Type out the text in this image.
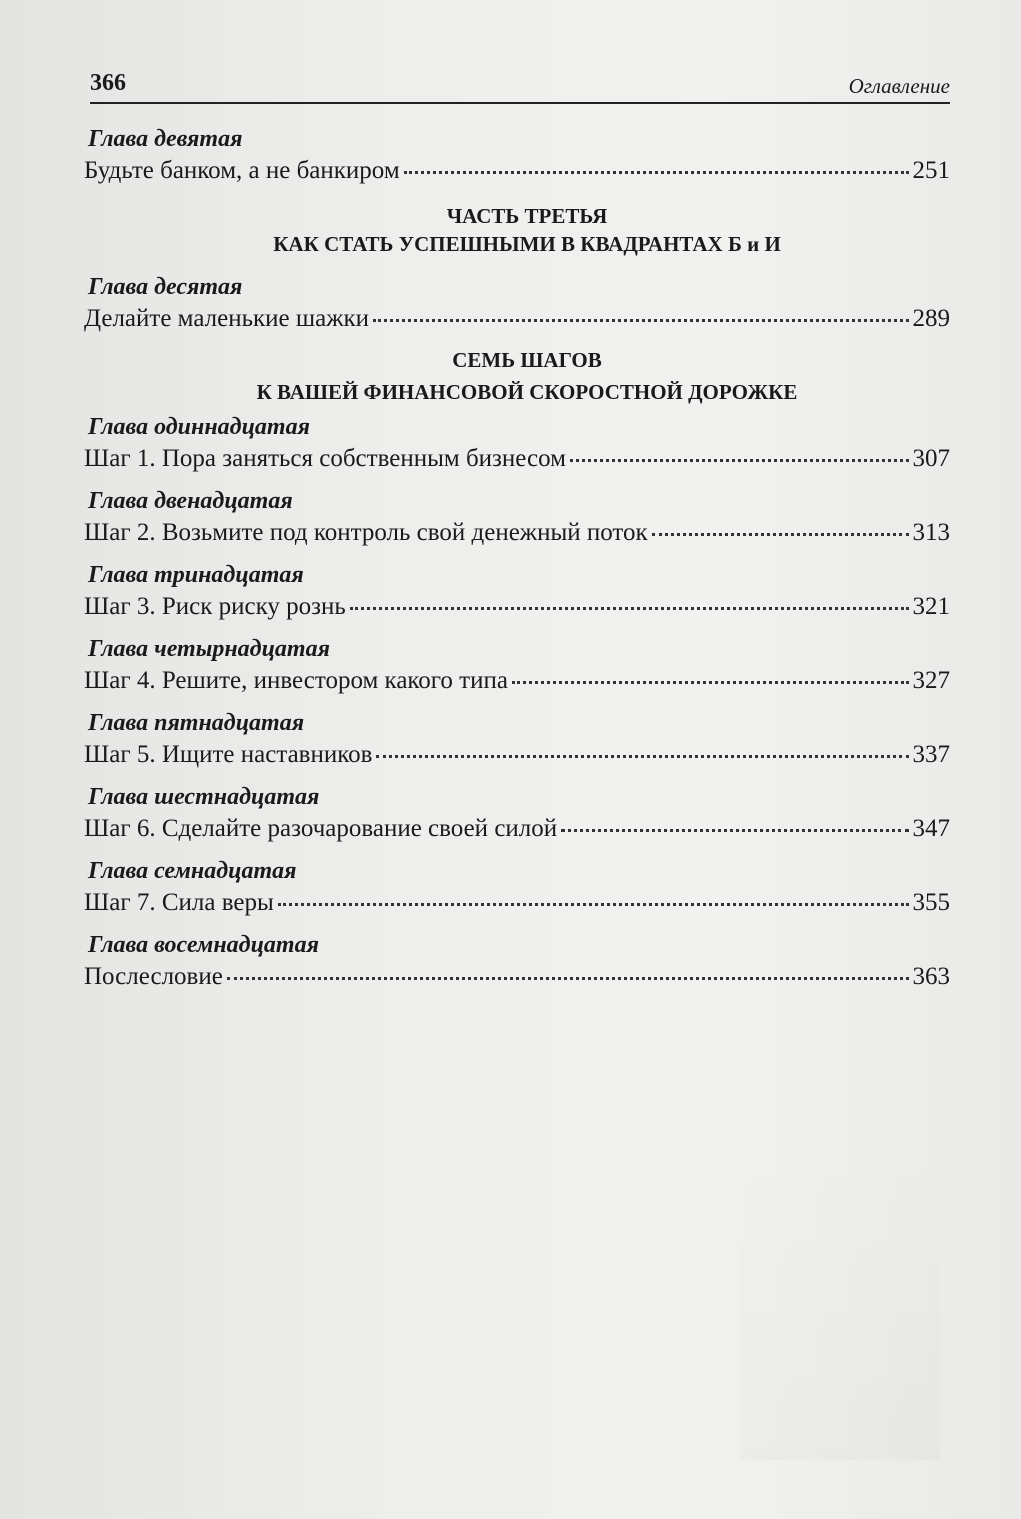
366	Оглавление
Глава девятая
Будьте банком, а не банкиром	251
ЧАСТЬ ТРЕТЬЯ
КАК СТАТЬ УСПЕШНЫМИ В КВАДРАНТАХ Б и И
Глава десятая
Делайте маленькие шажки	289
СЕМЬ ШАГОВ
К ВАШЕЙ ФИНАНСОВОЙ СКОРОСТНОЙ ДОРОЖКЕ
Глава одиннадцатая
Шаг 1. Пора заняться собственным бизнесом	307
Глава двенадцатая
Шаг 2. Возьмите под контроль свой денежный поток	313
Глава тринадцатая
Шаг 3. Риск риску рознь	321
Глава четырнадцатая
Шаг 4. Решите, инвестором какого типа	327
Глава пятнадцатая
Шаг 5. Ищите наставников	337
Глава шестнадцатая
Шаг 6. Сделайте разочарование своей силой	347
Глава семнадцатая
Шаг 7. Сила веры	355
Глава восемнадцатая
Послесловие	363
